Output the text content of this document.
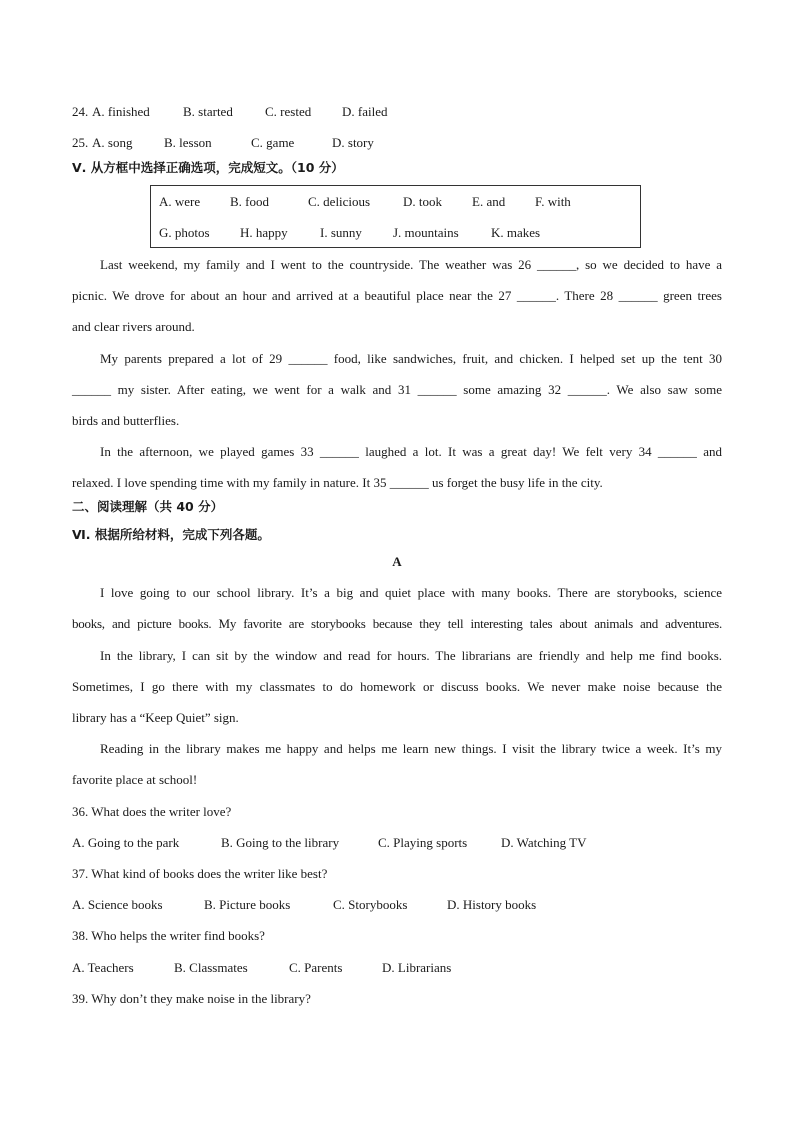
24. A. finished	B. started C. rested D. failed
25. A. song B. lesson	C. game	D. story
Ⅴ. 从方框中选择正确选项，完成短文。（10 分）
A. were B. food	C. delicious	D. took E. and F. with
G. photos H. happy I. sunny J. mountains K. makes
Last weekend, my family and I went to the countryside. The weather was 26 ______, so we decided to have a
picnic. We drove for about an hour and arrived at a beautiful place near the 27 ______. There 28 ______ green trees
and clear rivers around.
My parents prepared a lot of 29 ______ food, like sandwiches, fruit, and chicken. I helped set up the tent 30
______ my sister. After eating, we went for a walk and 31 ______ some amazing 32 ______. We also saw some
birds and butterflies.
In the afternoon, we played games 33 ______ laughed a lot. It was a great day! We felt very 34 ______ and
relaxed. I love spending time with my family in nature. It 35 ______ us forget the busy life in the city.
二、阅读理解（共 40 分）
Ⅵ. 根据所给材料，完成下列各题。
A
I love going to our school library. It’s a big and quiet place with many books. There are storybooks, science
books, and picture books. My favorite are storybooks because they tell interesting tales about animals and adventures.
In the library, I can sit by the window and read for hours. The librarians are friendly and help me find books.
Sometimes, I go there with my classmates to do homework or discuss books. We never make noise because the
library has a “Keep Quiet” sign.
Reading in the library makes me happy and helps me learn new things. I visit the library twice a week. It’s my
favorite place at school!
36. What does the writer love?
A. Going to the park	B. Going to the library	C. Playing sports	D. Watching TV
37. What kind of books does the writer like best?
A. Science books	B. Picture books	C. Storybooks	D. History books
38. Who helps the writer find books?
A. Teachers	B. Classmates	C. Parents	D. Librarians
39. Why don’t they make noise in the library?
